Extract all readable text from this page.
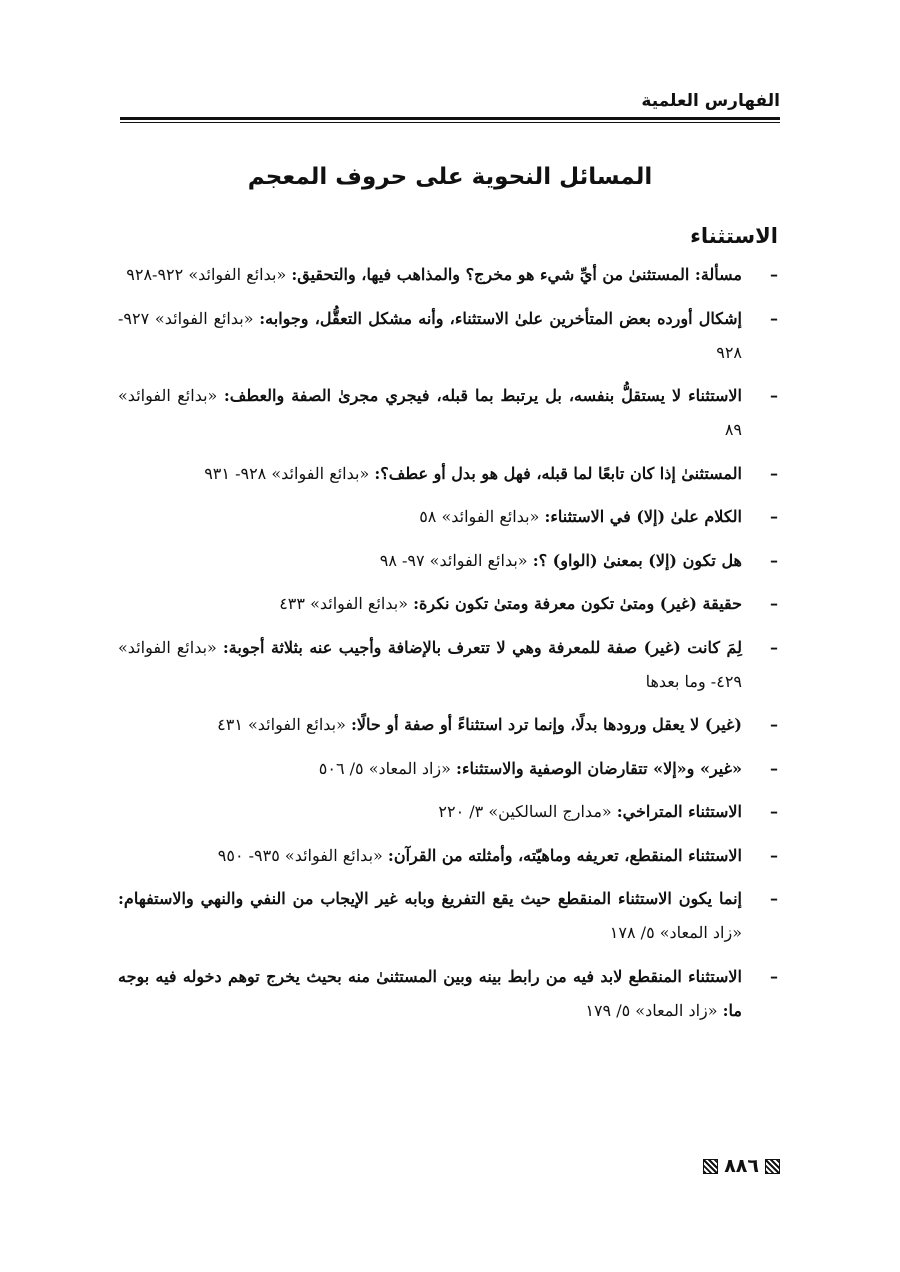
الفهارس العلمية
المسائل النحوية على حروف المعجم
الاستثناء
–
مسألة: المستثنىٰ من أيِّ شيء هو مخرج؟ والمذاهب فيها، والتحقيق: «بدائع الفوائد» ٩٢٢-٩٢٨
–
إشكال أورده بعض المتأخرين علىٰ الاستثناء، وأنه مشكل التعقُّل، وجوابه: «بدائع الفوائد» ٩٢٧- ٩٢٨
–
الاستثناء لا يستقلُّ بنفسه، بل يرتبط بما قبله، فيجري مجرىٰ الصفة والعطف: «بدائع الفوائد» ٨٩
–
المستثنىٰ إذا كان تابعًا لما قبله، فهل هو بدل أو عطف؟: «بدائع الفوائد» ٩٢٨- ٩٣١
–
الكلام علىٰ (إلا) في الاستثناء: «بدائع الفوائد» ٥٨
–
هل تكون (إلا) بمعنىٰ (الواو) ؟: «بدائع الفوائد» ٩٧- ٩٨
–
حقيقة (غير) ومتىٰ تكون معرفة ومتىٰ تكون نكرة: «بدائع الفوائد» ٤٣٣
–
لِمَ كانت (غير) صفة للمعرفة وهي لا تتعرف بالإضافة وأجيب عنه بثلاثة أجوبة: «بدائع الفوائد» ٤٢٩- وما بعدها
–
(غير) لا يعقل ورودها بدلًا، وإنما ترد استثناءً أو صفة أو حالًا: «بدائع الفوائد» ٤٣١
–
«غير» و«إلا» تتقارضان الوصفية والاستثناء: «زاد المعاد» ٥/ ٥٠٦
–
الاستثناء المتراخي: «مدارج السالكين» ٣/ ٢٢٠
–
الاستثناء المنقطع، تعريفه وماهيّته، وأمثلته من القرآن: «بدائع الفوائد» ٩٣٥- ٩٥٠
–
إنما يكون الاستثناء المنقطع حيث يقع التفريغ وبابه غير الإيجاب من النفي والنهي والاستفهام: «زاد المعاد» ٥/ ١٧٨
–
الاستثناء المنقطع لابد فيه من رابط بينه وبين المستثنىٰ منه بحيث يخرج توهم دخوله فيه بوجه ما: «زاد المعاد» ٥/ ١٧٩
٨٨٦
